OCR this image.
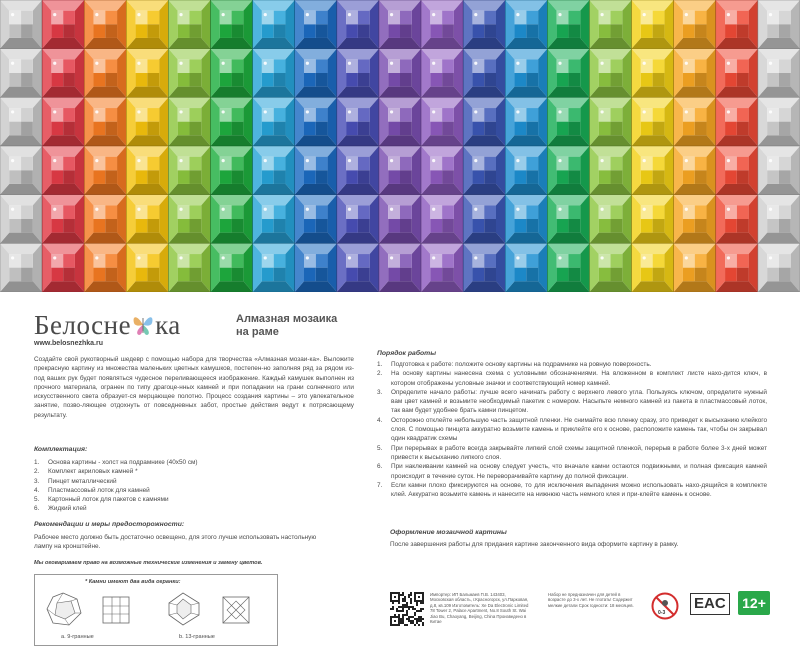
Белосне ка
www.belosnezhka.ru
Алмазная мозаика
на раме
Создайте свой рукотворный шедевр с помощью набора для творчества «Алмазная мозаи-ка». Выложите прекрасную картину из множества маленьких цветных камушков, постепен-но заполняя ряд за рядом из-под ваших рук будет появляться чудесное переливающееся изображение. Каждый камушек выполнен из прочного материала, огранен по типу драгоце-нных камней и при попадании на грани солнечного или искусственного света образует-ся мерцающее полотно. Процесс создания картины – это увлекательное занятие, позво-ляющее отдохнуть от повседневных забот, простые действия ведут к потрясающему результату.
Комплектация:
1. Основа картины - холст на подрамнике (40х50 см)
2. Комплект акриловых камней *
3. Пинцет металлический
4. Пластмассовый лоток для камней
5. Картонный лоток для пакетов с камнями
6. Жидкий клей
Рекомендации и меры предосторожности:
Рабочее место должно быть достаточно освещено, для этого лучше использовать настольную лампу на кронштейне.
Мы оговариваем право на возможные технические изменения и замену цветов.
* Камни имеют два вида огранки:
a. 9-гранные	b. 13-гранные
Порядок работы
1. Подготовка к работе: положите основу картины на подрамнике на ровную поверхность.
2. На основу картины нанесена схема с условными обозначениями. На вложенном в комплект листе нахо-дится ключ, в котором отображены условные значки и соответствующий номер камней.
3. Определите начало работы: лучше всего начинать работу с верхнего левого угла. Пользуясь ключом, определите нужный вам цвет камней и возьмите необходимый пакетик с номером. Насыпьте немного камней из пакета в пластмассовый лоток, так вам будет удобнее брать камни пинцетом.
4. Осторожно отклейте небольшую часть защитной пленки. Не снимайте всю пленку сразу, это приведет к высыханию клейкого слоя. С помощью пинцета аккуратно возьмите камень и приклейте его к основе, расположите камень так, чтобы он закрывал один квадратик схемы
5. При перерывах в работе всегда закрывайте липкий слой схемы защитной пленкой, перерыв в работе более 3-х дней может привести к высыханию липкого слоя.
6. При наклеивании камней на основу следует учесть, что вначале камни остаются подвижными, и полная фиксация камней происходит в течение суток. Не переворачивайте картину до полной фиксации.
7. Если камни плохо фиксируются на основе, то для исключения выпадения можно использовать нахо-дящийся в комплекте клей. Аккуратно возьмите камень и нанесите на нижнюю часть немного клея и при-клейте камень к основе.
Оформление мозаичной картины
После завершения работы для придания картине законченного вида оформите картину в рамку.
Импортер: ИП Бальмаев П.В. 143403, Московская область, г.Красногорск, ул.Парковая, д.8, кв.109 Изготовитель: Хе Da Electronic Limited 78 Tower 2, Palace Apartment, No.8 South St. Wai Jiao Bu, Chaoyang, Beijing, China Произведено в Китае
Набор не предназначен для детей в возрасте до 3-х лет. Не глотать! Содержит мелкие детали Срок годности: 18 месяцев.
0-3
EAC 12+
